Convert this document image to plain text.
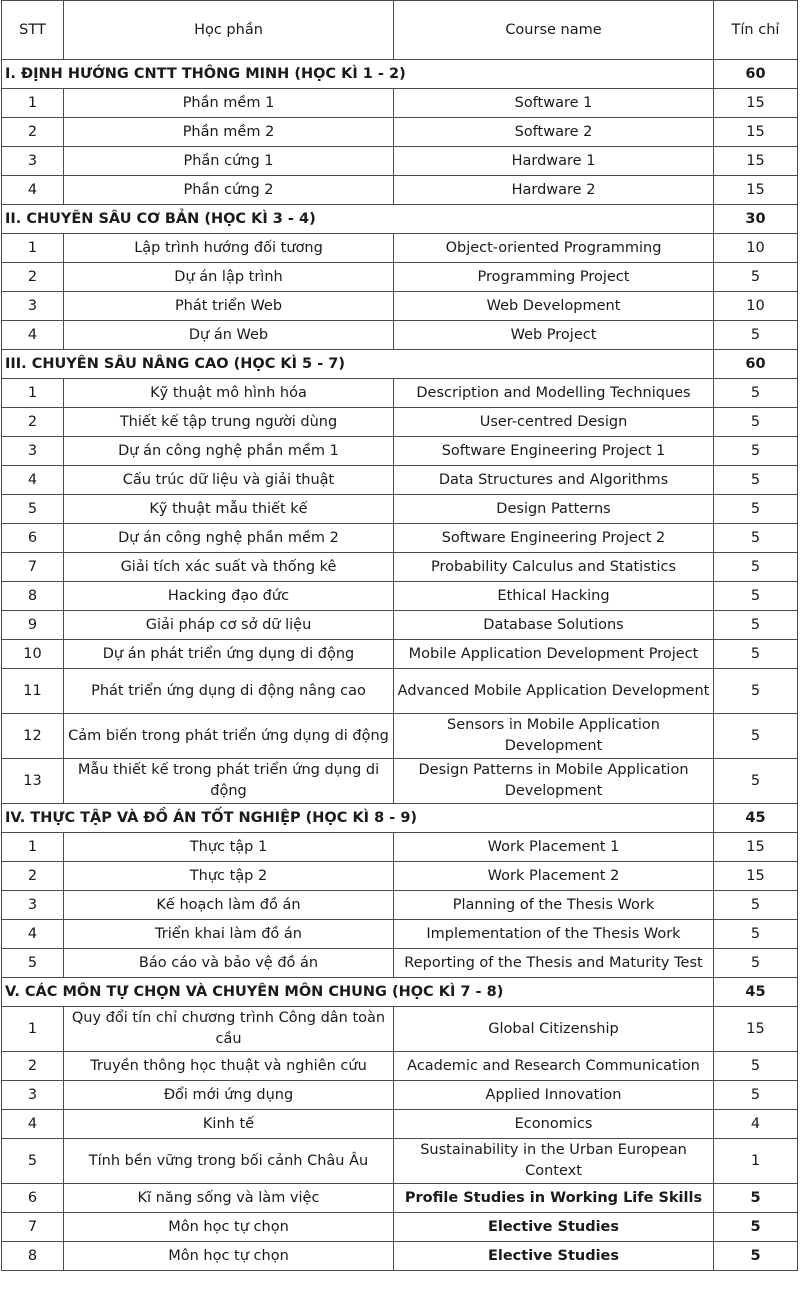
STT	Học phần	Course name	Tín chỉ
I. ĐỊNH HƯỚNG CNTT THÔNG MINH (HỌC KÌ 1 - 2)			60
1	Phần mềm 1	Software 1	15
2	Phần mềm 2	Software 2	15
3	Phần cứng 1	Hardware 1	15
4	Phần cứng 2	Hardware 2	15
II. CHUYÊN SÂU CƠ BẢN (HỌC KÌ 3 - 4)			30
1	Lập trình hướng đối tương	Object-oriented Programming	10
2	Dự án lập trình	Programming Project	5
3	Phát triển Web	Web Development	10
4	Dự án Web	Web Project	5
III. CHUYÊN SÂU NÂNG CAO (HỌC KÌ 5 - 7)			60
1	Kỹ thuật mô hình hóa	Description and Modelling Techniques	5
2	Thiết kế tập trung người dùng	User-centred Design	5
3	Dự án công nghệ phần mềm 1	Software Engineering Project 1	5
4	Cấu trúc dữ liệu và giải thuật	Data Structures and Algorithms	5
5	Kỹ thuật mẫu thiết kế	Design Patterns	5
6	Dự án công nghệ phần mềm 2	Software Engineering Project 2	5
7	Giải tích xác suất và thống kê	Probability Calculus and Statistics	5
8	Hacking đạo đức	Ethical Hacking	5
9	Giải pháp cơ sở dữ liệu	Database Solutions	5
10	Dự án phát triển ứng dụng di động	Mobile Application Development Project	5
11	Phát triển ứng dụng di động nâng cao	Advanced Mobile Application Development	5
12	Cảm biến trong phát triển ứng dụng di động	Sensors in Mobile Application Development	5
13	Mẫu thiết kế trong phát triển ứng dụng di động	Design Patterns in Mobile Application Development	5
IV. THỰC TẬP VÀ ĐỒ ÁN TỐT NGHIỆP (HỌC KÌ 8 - 9)			45
1	Thực tập 1	Work Placement 1	15
2	Thực tập 2	Work Placement 2	15
3	Kế hoạch làm đồ án	Planning of the Thesis Work	5
4	Triển khai làm đồ án	Implementation of the Thesis Work	5
5	Báo cáo và bảo vệ đồ án	Reporting of the Thesis and Maturity Test	5
V. CÁC MÔN TỰ CHỌN VÀ CHUYÊN MÔN CHUNG (HỌC KÌ 7 - 8)			45
1	Quy đổi tín chỉ chương trình Công dân toàn cầu	Global Citizenship	15
2	Truyền thông học thuật và nghiên cứu	Academic and Research Communication	5
3	Đổi mới ứng dụng	Applied Innovation	5
4	Kinh tế	Economics	4
5	Tính bền vững trong bối cảnh Châu Âu	Sustainability in the Urban European Context	1
6	Kĩ năng sống và làm việc	Profile Studies in Working Life Skills	5
7	Môn học tự chọn	Elective Studies	5
8	Môn học tự chọn	Elective Studies	5
